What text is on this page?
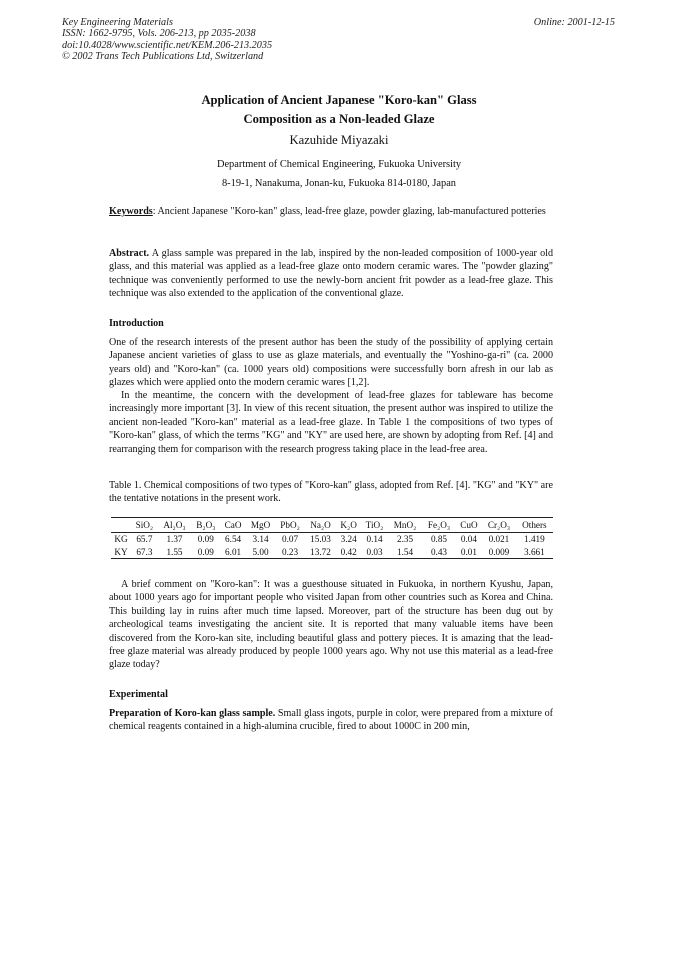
Key Engineering Materials
ISSN: 1662-9795, Vols. 206-213, pp 2035-2038
doi:10.4028/www.scientific.net/KEM.206-213.2035
© 2002 Trans Tech Publications Ltd, Switzerland
Online: 2001-12-15
Application of Ancient Japanese "Koro-kan" Glass
Composition as a Non-leaded Glaze
Kazuhide Miyazaki
Department of Chemical Engineering, Fukuoka University
8-19-1, Nanakuma, Jonan-ku, Fukuoka 814-0180, Japan
Keywords: Ancient Japanese "Koro-kan" glass, lead-free glaze, powder glazing, lab-manufactured potteries
Abstract. A glass sample was prepared in the lab, inspired by the non-leaded composition of 1000-year old glass, and this material was applied as a lead-free glaze onto modern ceramic wares. The "powder glazing" technique was conveniently performed to use the newly-born ancient frit powder as a lead-free glaze. This technique was also extended to the application of the conventional glaze.
Introduction
One of the research interests of the present author has been the study of the possibility of applying certain Japanese ancient varieties of glass to use as glaze materials, and eventually the "Yoshino-ga-ri" (ca. 2000 years old) and "Koro-kan" (ca. 1000 years old) compositions were successfully born afresh in our lab as glazes which were applied onto the modern ceramic wares [1,2].
In the meantime, the concern with the development of lead-free glazes for tableware has become increasingly more important [3]. In view of this recent situation, the present author was inspired to utilize the ancient non-leaded "Koro-kan" material as a lead-free glaze. In Table 1 the compositions of two types of "Koro-kan" glass, of which the terms "KG" and "KY" are used here, are shown by adopting from Ref. [4] and rearranging them for comparison with the research progress taking place in the lead-free area.
Table 1. Chemical compositions of two types of "Koro-kan" glass, adopted from Ref. [4]. "KG" and "KY" are the tentative notations in the present work.
	SiO₂	Al₂O₃	B₂O₃	CaO	MgO	PbO₂	Na₂O	K₂O	TiO₂	MnO₂	Fe₂O₃	CuO	Cr₂O₃	Others
KG	65.7	1.37	0.09	6.54	3.14	0.07	15.03	3.24	0.14	2.35	0.85	0.04	0.021	1.419
KY	67.3	1.55	0.09	6.01	5.00	0.23	13.72	0.42	0.03	1.54	0.43	0.01	0.009	3.661
A brief comment on "Koro-kan": It was a guesthouse situated in Fukuoka, in northern Kyushu, Japan, about 1000 years ago for important people who visited Japan from other countries such as Korea and China. This building lay in ruins after much time lapsed. Moreover, part of the structure has been dug out by archeological teams investigating the ancient site. It is reported that many valuable items have been discovered from the Koro-kan site, including beautiful glass and pottery pieces. It is amazing that the lead-free glaze material was already produced by people 1000 years ago. Why not use this material as a lead-free glaze today?
Experimental
Preparation of Koro-kan glass sample. Small glass ingots, purple in color, were prepared from a mixture of chemical reagents contained in a high-alumina crucible, fired to about 1000C in 200 min,
